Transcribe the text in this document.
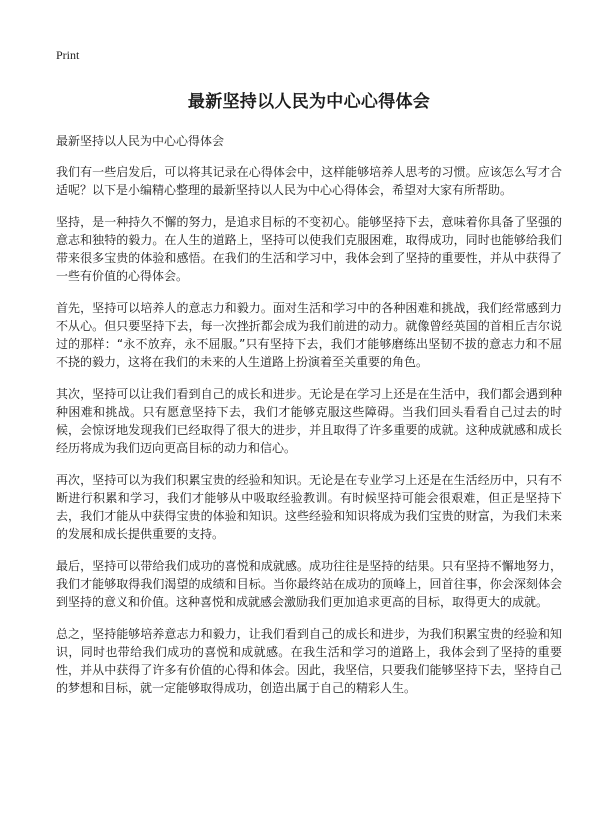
Print
最新坚持以人民为中心心得体会
最新坚持以人民为中心心得体会

我们有一些启发后，可以将其记录在心得体会中，这样能够培养人思考的习惯。应该怎么写才合适呢？以下是小编精心整理的最新坚持以人民为中心心得体会，希望对大家有所帮助。

坚持，是一种持久不懈的努力，是追求目标的不变初心。能够坚持下去，意味着你具备了坚强的意志和独特的毅力。在人生的道路上，坚持可以使我们克服困难，取得成功，同时也能够给我们带来很多宝贵的体验和感悟。在我们的生活和学习中，我体会到了坚持的重要性，并从中获得了一些有价值的心得体会。

首先，坚持可以培养人的意志力和毅力。面对生活和学习中的各种困难和挑战，我们经常感到力不从心。但只要坚持下去，每一次挫折都会成为我们前进的动力。就像曾经英国的首相丘吉尔说过的那样：“永不放弃，永不屈服。”只有坚持下去，我们才能够磨练出坚韧不拔的意志力和不屈不挠的毅力，这将在我们的未来的人生道路上扮演着至关重要的角色。

其次，坚持可以让我们看到自己的成长和进步。无论是在学习上还是在生活中，我们都会遇到种种困难和挑战。只有愿意坚持下去，我们才能够克服这些障碍。当我们回头看看自己过去的时候，会惊讶地发现我们已经取得了很大的进步，并且取得了许多重要的成就。这种成就感和成长经历将成为我们迈向更高目标的动力和信心。

再次，坚持可以为我们积累宝贵的经验和知识。无论是在专业学习上还是在生活经历中，只有不断进行积累和学习，我们才能够从中吸取经验教训。有时候坚持可能会很艰难，但正是坚持下去，我们才能从中获得宝贵的体验和知识。这些经验和知识将成为我们宝贵的财富，为我们未来的发展和成长提供重要的支持。

最后，坚持可以带给我们成功的喜悦和成就感。成功往往是坚持的结果。只有坚持不懈地努力，我们才能够取得我们渴望的成绩和目标。当你最终站在成功的顶峰上，回首往事，你会深刻体会到坚持的意义和价值。这种喜悦和成就感会激励我们更加追求更高的目标，取得更大的成就。

总之，坚持能够培养意志力和毅力，让我们看到自己的成长和进步，为我们积累宝贵的经验和知识，同时也带给我们成功的喜悦和成就感。在我生活和学习的道路上，我体会到了坚持的重要性，并从中获得了许多有价值的心得和体会。因此，我坚信，只要我们能够坚持下去，坚持自己的梦想和目标，就一定能够取得成功，创造出属于自己的精彩人生。
